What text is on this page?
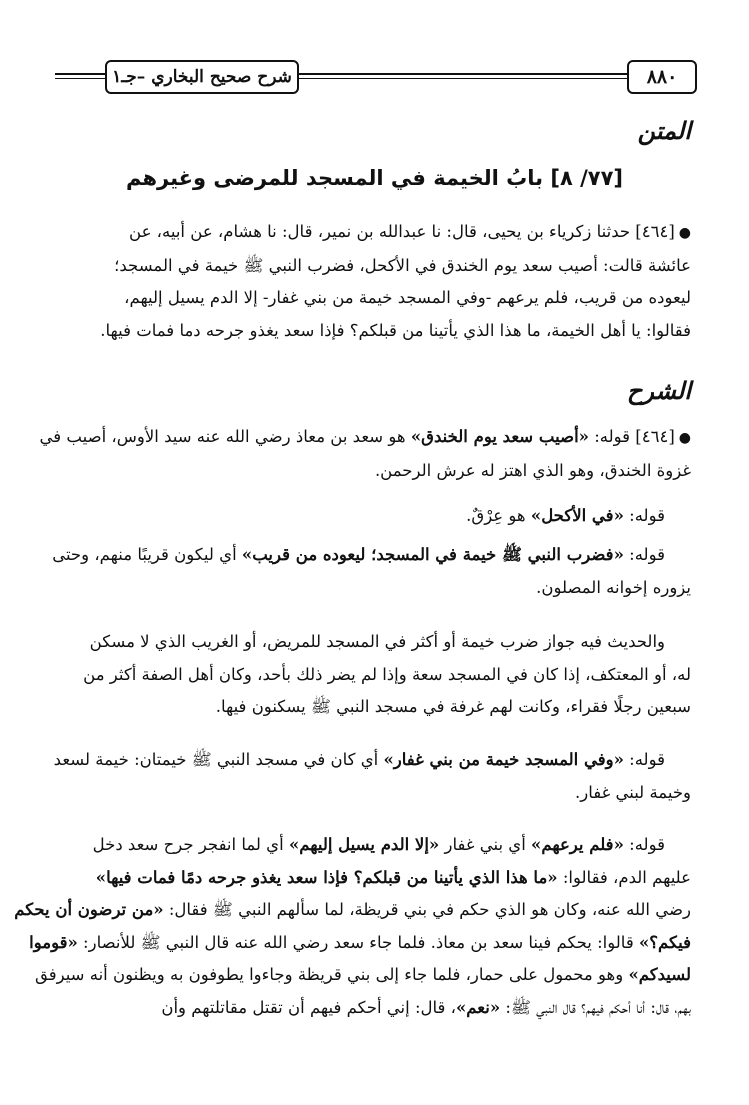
٨٨٠
شرح صحيح البخاري –جـ١
المتن
[٧٧/ ٨] بابُ الخيمة في المسجد للمرضى وغيرهم
●[٤٦٤] حدثنا زكرياء بن يحيى، قال: نا عبدالله بن نمير، قال: نا هشام، عن أبيه، عن
عائشة قالت: أصيب سعد يوم الخندق في الأكحل، فضرب النبي ﷺ خيمة في المسجد؛
ليعوده من قريب، فلم يرعهم -وفي المسجد خيمة من بني غفار- إلا الدم يسيل إليهم،
فقالوا: يا أهل الخيمة، ما هذا الذي يأتينا من قبلكم؟ فإذا سعد يغذو جرحه دما فمات فيها.
الشرح
●[٤٦٤] قوله: «أصيب سعد يوم الخندق» هو سعد بن معاذ رضي الله عنه سيد الأوس، أصيب في
غزوة الخندق، وهو الذي اهتز له عرش الرحمن.
قوله: «في الأكحل» هو عِرْقٌ.
قوله: «فضرب النبي ﷺ خيمة في المسجد؛ ليعوده من قريب» أي ليكون قريبًا منهم، وحتى
يزوره إخوانه المصلون.
والحديث فيه جواز ضرب خيمة أو أكثر في المسجد للمريض، أو الغريب الذي لا مسكن
له، أو المعتكف، إذا كان في المسجد سعة وإذا لم يضر ذلك بأحد، وكان أهل الصفة أكثر من
سبعين رجلًا فقراء، وكانت لهم غرفة في مسجد النبي ﷺ يسكنون فيها.
قوله: «وفي المسجد خيمة من بني غفار» أي كان في مسجد النبي ﷺ خيمتان: خيمة لسعد
وخيمة لبني غفار.
قوله: «فلم يرعهم» أي بني غفار «إلا الدم يسيل إليهم» أي لما انفجر جرح سعد دخل
عليهم الدم، فقالوا: «ما هذا الذي يأتينا من قبلكم؟ فإذا سعد يغذو جرحه دمًا فمات فيها»
رضي الله عنه، وكان هو الذي حكم في بني قريظة، لما سألهم النبي ﷺ فقال: «من ترضون أن يحكم
فيكم؟» قالوا: يحكم فينا سعد بن معاذ. فلما جاء سعد رضي الله عنه قال النبي ﷺ للأنصار: «قوموا
لسيدكم» وهو محمول على حمار، فلما جاء إلى بني قريظة وجاءوا يطوفون به ويظنون أنه سيرفق
بهم، قال: أنا أحكم فيهم؟ قال النبي ﷺ: «نعم»، قال: إني أحكم فيهم أن تقتل مقاتلتهم وأن
